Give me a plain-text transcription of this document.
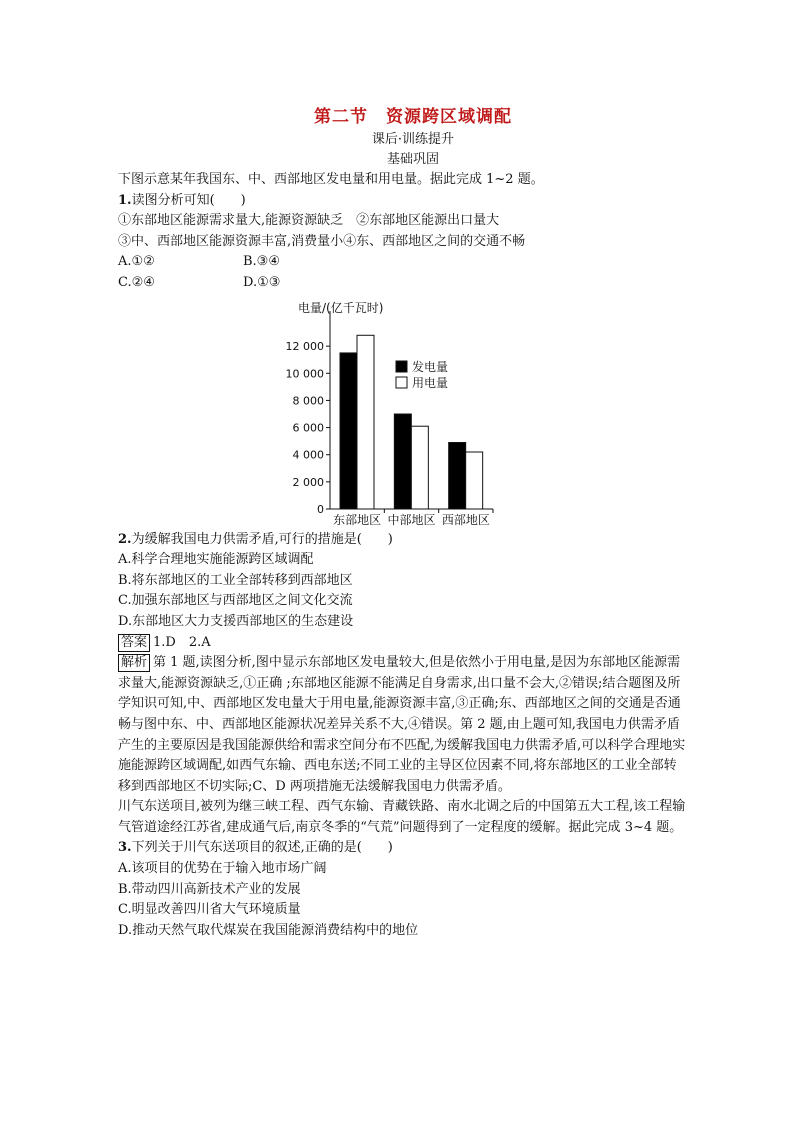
第二节　资源跨区域调配
课后·训练提升
基础巩固
下图示意某年我国东、中、西部地区发电量和用电量。据此完成 1~2 题。
1.读图分析可知(　　)
①东部地区能源需求量大,能源资源缺乏　②东部地区能源出口量大
③中、西部地区能源资源丰富,消费量小④东、西部地区之间的交通不畅
A.①②	B.③④
C.②④	D.①③
电量/(亿千瓦时)
0
2 000
4 000
6 000
8 000
10 000
12 000
东部地区 中部地区 西部地区
发电量
用电量
2.为缓解我国电力供需矛盾,可行的措施是(　　)
A.科学合理地实施能源跨区域调配
B.将东部地区的工业全部转移到西部地区
C.加强东部地区与西部地区之间文化交流
D.东部地区大力支援西部地区的生态建设
答案 1.D　2.A
解析 第 1 题,读图分析,图中显示东部地区发电量较大,但是依然小于用电量,是因为东部地区能源需求量大,能源资源缺乏,①正确 ;东部地区能源不能满足自身需求,出口量不会大,②错误;结合题图及所学知识可知,中、西部地区发电量大于用电量,能源资源丰富,③正确;东、西部地区之间的交通是否通畅与图中东、中、西部地区能源状况差异关系不大,④错误。第 2 题,由上题可知,我国电力供需矛盾产生的主要原因是我国能源供给和需求空间分布不匹配,为缓解我国电力供需矛盾,可以科学合理地实施能源跨区域调配,如西气东输、西电东送;不同工业的主导区位因素不同,将东部地区的工业全部转移到西部地区不切实际;C、D 两项措施无法缓解我国电力供需矛盾。
川气东送项目,被列为继三峡工程、西气东输、青藏铁路、南水北调之后的中国第五大工程,该工程输气管道途经江苏省,建成通气后,南京冬季的“气荒”问题得到了一定程度的缓解。据此完成 3~4 题。
3.下列关于川气东送项目的叙述,正确的是(　　)
A.该项目的优势在于输入地市场广阔
B.带动四川高新技术产业的发展
C.明显改善四川省大气环境质量
D.推动天然气取代煤炭在我国能源消费结构中的地位
